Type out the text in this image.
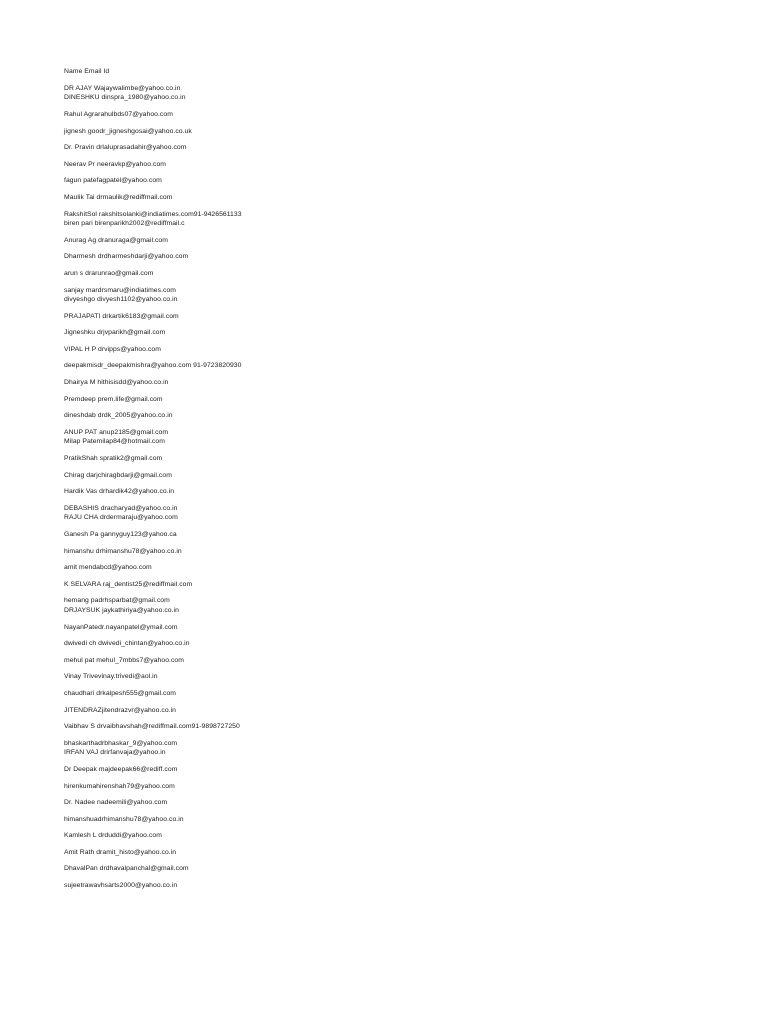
Name Email Id
DR AJAY Wajaywalimbe@yahoo.co.in
DINESHKU dinspra_1980@yahoo.co.in
Rahul Agrarahulbds07@yahoo.com
jignesh goodr_jigneshgosai@yahoo.co.uk
Dr. Pravin drlaluprasadahir@yahoo.com
Neerav Pr neeravkp@yahoo.com
fagun patefagpatel@yahoo.com
Maulik Tai drmaulik@rediffmail.com
RakshitSol rakshitsolanki@indiatimes.com91-9426561133
biren pari birenparikh2002@rediffmail.c
Anurag Ag dranuraga@gmail.com
Dharmesh drdharmeshdarji@yahoo.com
arun s drarunrao@gmail.com
sanjay mardrsmaru@indiatimes.com
divyeshgo divyesh1102@yahoo.co.in
PRAJAPATI drkartik6183@gmail.com
Jigneshku drjvparikh@gmail.com
VIPAL H P drvipps@yahoo.com
deepakmisdr_deepakmishra@yahoo.com 91-9723820930
Dhairya M hithisisdd@yahoo.co.in
Premdeep prem.life@gmail.com
dineshdab drdk_2005@yahoo.co.in
ANUP PAT anup2185@gmail.com
Milap Patemilap84@hotmail.com
PratikShah spratik2@gmail.com
Chirag darjchiragbdarji@gmail.com
Hardik Vas drhardik42@yahoo.co.in
DEBASHIS dracharyad@yahoo.co.in
RAJU CHA drdermaraju@yahoo.com
Ganesh Pa gannyguy123@yahoo.ca
himanshu drhimanshu78@yahoo.co.in
amit mendabcd@yahoo.com
K SELVARA raj_dentist25@rediffmail.com
hemang padrhsparbat@gmail.com
DRJAYSUK jaykathiriya@yahoo.co.in
NayanPatedr.nayanpatel@ymail.com
dwivedi ch dwivedi_chintan@yahoo.co.in
mehul pat mehul_7mbbs7@yahoo.com
Vinay Trivevinay.trivedi@aol.in
chaudhari drkalpesh555@gmail.com
JITENDRAZjitendrazvr@yahoo.co.in
Vaibhav S drvaibhavshah@rediffmail.com91-9898727250
bhaskarthadrbhaskar_9@yahoo.com
IRFAN VAJ drirfanvaja@yahoo.in
Dr Deepak majdeepak66@rediff.com
hirenkumahirenshah79@yahoo.com
Dr. Nadee nadeemili@yahoo.com
himanshuadrhimanshu78@yahoo.co.in
Kamlesh L drduddi@yahoo.com
Amit Rath dramit_histo@yahoo.co.in
DhavalPan drdhavalpanchal@gmail.com
sujeetrawavhsarts2000@yahoo.co.in
